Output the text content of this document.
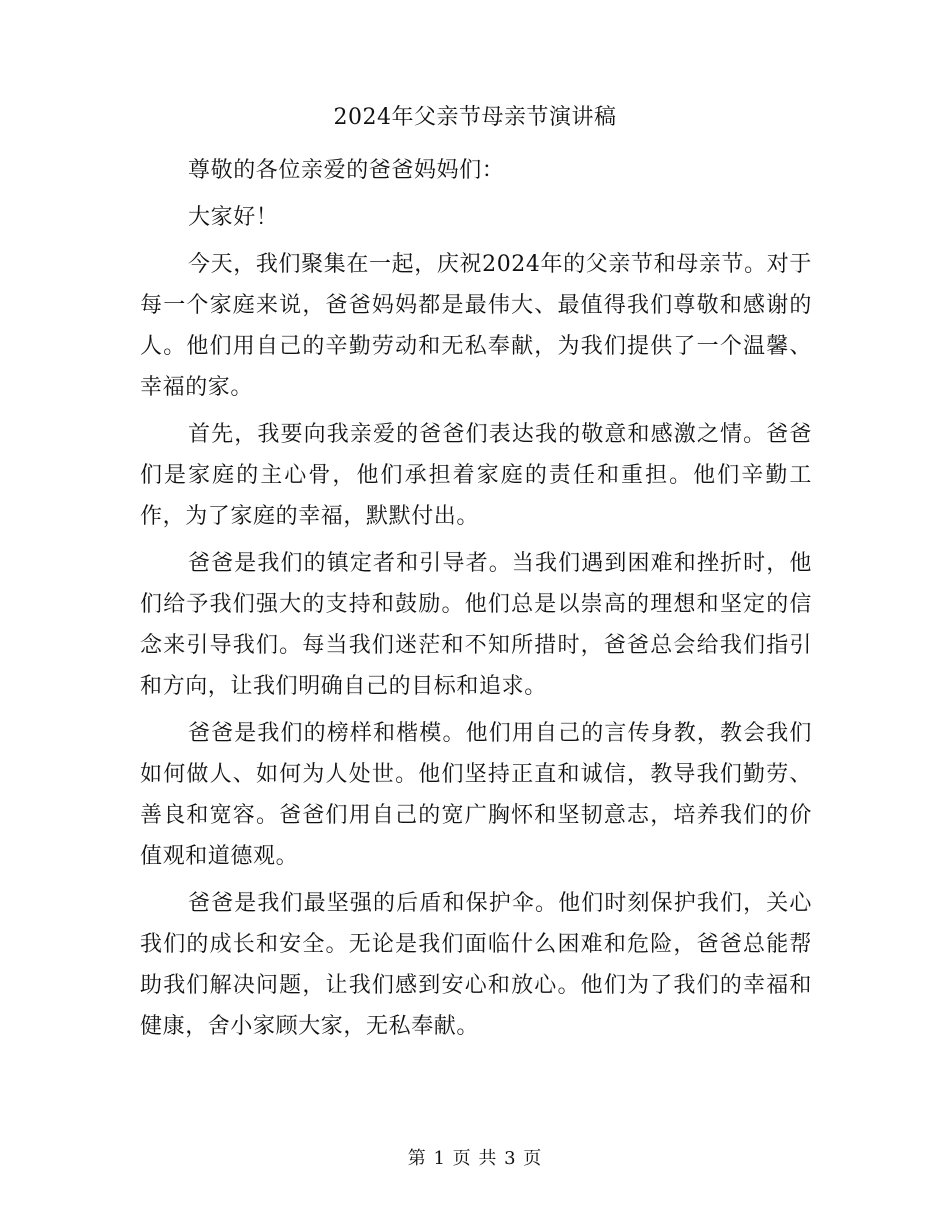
2024年父亲节母亲节演讲稿

尊敬的各位亲爱的爸爸妈妈们：

大家好！

今天，我们聚集在一起，庆祝2024年的父亲节和母亲节。对于每一个家庭来说，爸爸妈妈都是最伟大、最值得我们尊敬和感谢的人。他们用自己的辛勤劳动和无私奉献，为我们提供了一个温馨、幸福的家。

首先，我要向我亲爱的爸爸们表达我的敬意和感激之情。爸爸们是家庭的主心骨，他们承担着家庭的责任和重担。他们辛勤工作，为了家庭的幸福，默默付出。

爸爸是我们的镇定者和引导者。当我们遇到困难和挫折时，他们给予我们强大的支持和鼓励。他们总是以崇高的理想和坚定的信念来引导我们。每当我们迷茫和不知所措时，爸爸总会给我们指引和方向，让我们明确自己的目标和追求。

爸爸是我们的榜样和楷模。他们用自己的言传身教，教会我们如何做人、如何为人处世。他们坚持正直和诚信，教导我们勤劳、善良和宽容。爸爸们用自己的宽广胸怀和坚韧意志，培养我们的价值观和道德观。

爸爸是我们最坚强的后盾和保护伞。他们时刻保护我们，关心我们的成长和安全。无论是我们面临什么困难和危险，爸爸总能帮助我们解决问题，让我们感到安心和放心。他们为了我们的幸福和健康，舍小家顾大家，无私奉献。

第 1 页 共 3 页
